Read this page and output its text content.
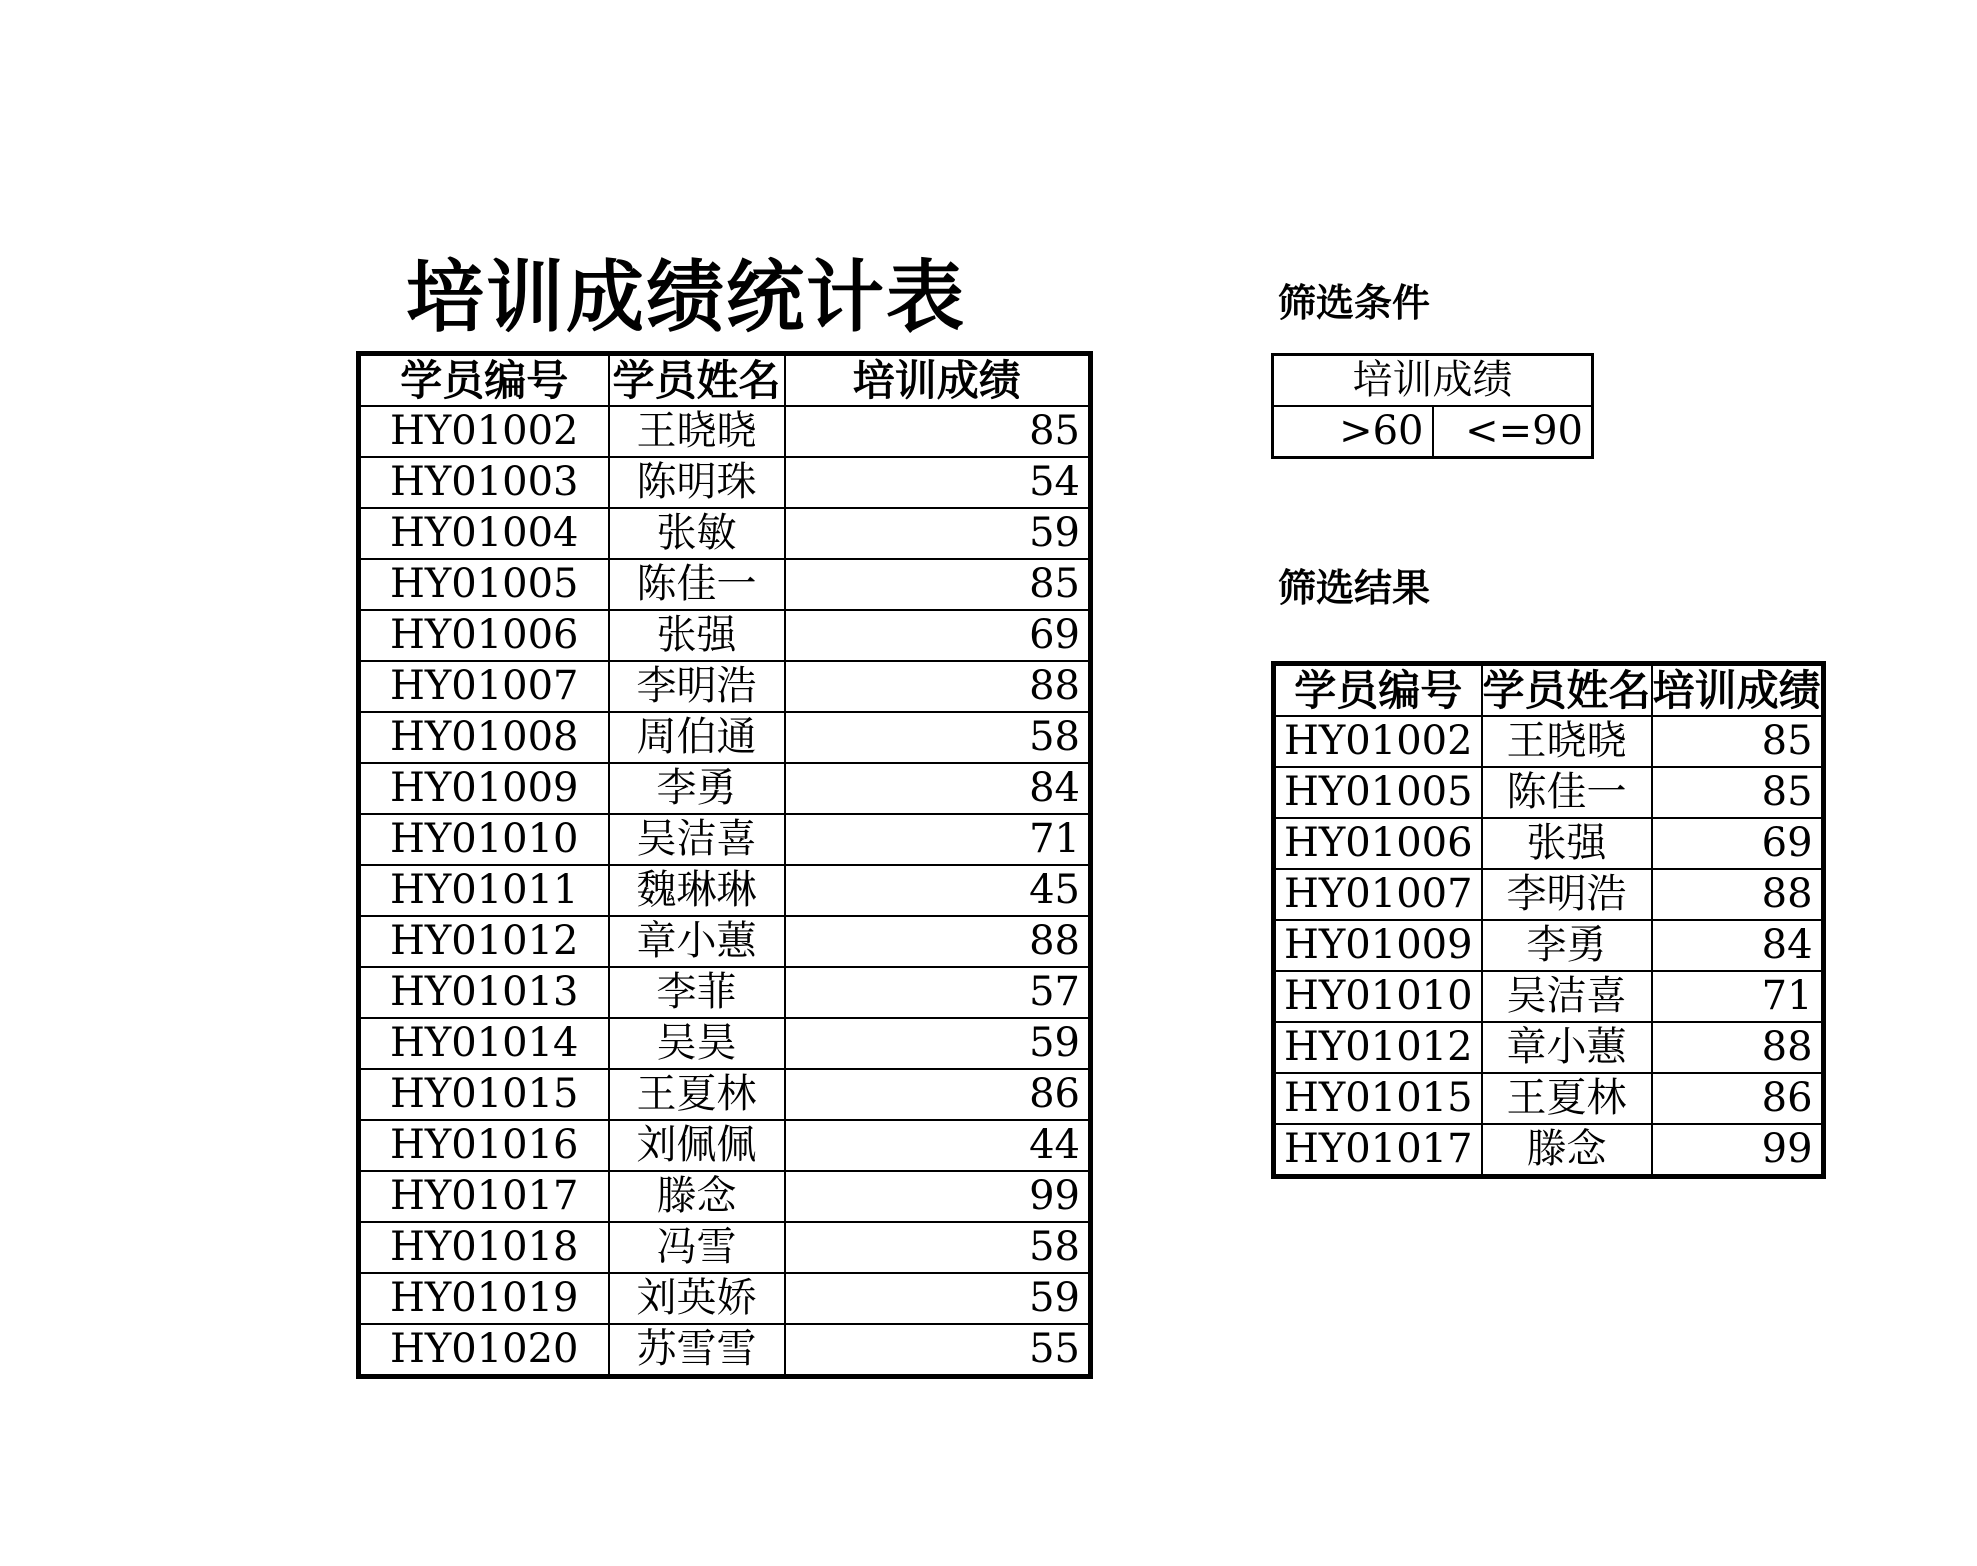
培训成绩统计表
学员编号	学员姓名	培训成绩
HY01002	王晓晓	85
HY01003	陈明珠	54
HY01004	张敏	59
HY01005	陈佳一	85
HY01006	张强	69
HY01007	李明浩	88
HY01008	周伯通	58
HY01009	李勇	84
HY01010	吴洁喜	71
HY01011	魏琳琳	45
HY01012	章小蕙	88
HY01013	李菲	57
HY01014	吴昊	59
HY01015	王夏林	86
HY01016	刘佩佩	44
HY01017	滕念	99
HY01018	冯雪	58
HY01019	刘英娇	59
HY01020	苏雪雪	55
筛选条件
培训成绩
>60	<=90
筛选结果
学员编号	学员姓名	培训成绩
HY01002	王晓晓	85
HY01005	陈佳一	85
HY01006	张强	69
HY01007	李明浩	88
HY01009	李勇	84
HY01010	吴洁喜	71
HY01012	章小蕙	88
HY01015	王夏林	86
HY01017	滕念	99
